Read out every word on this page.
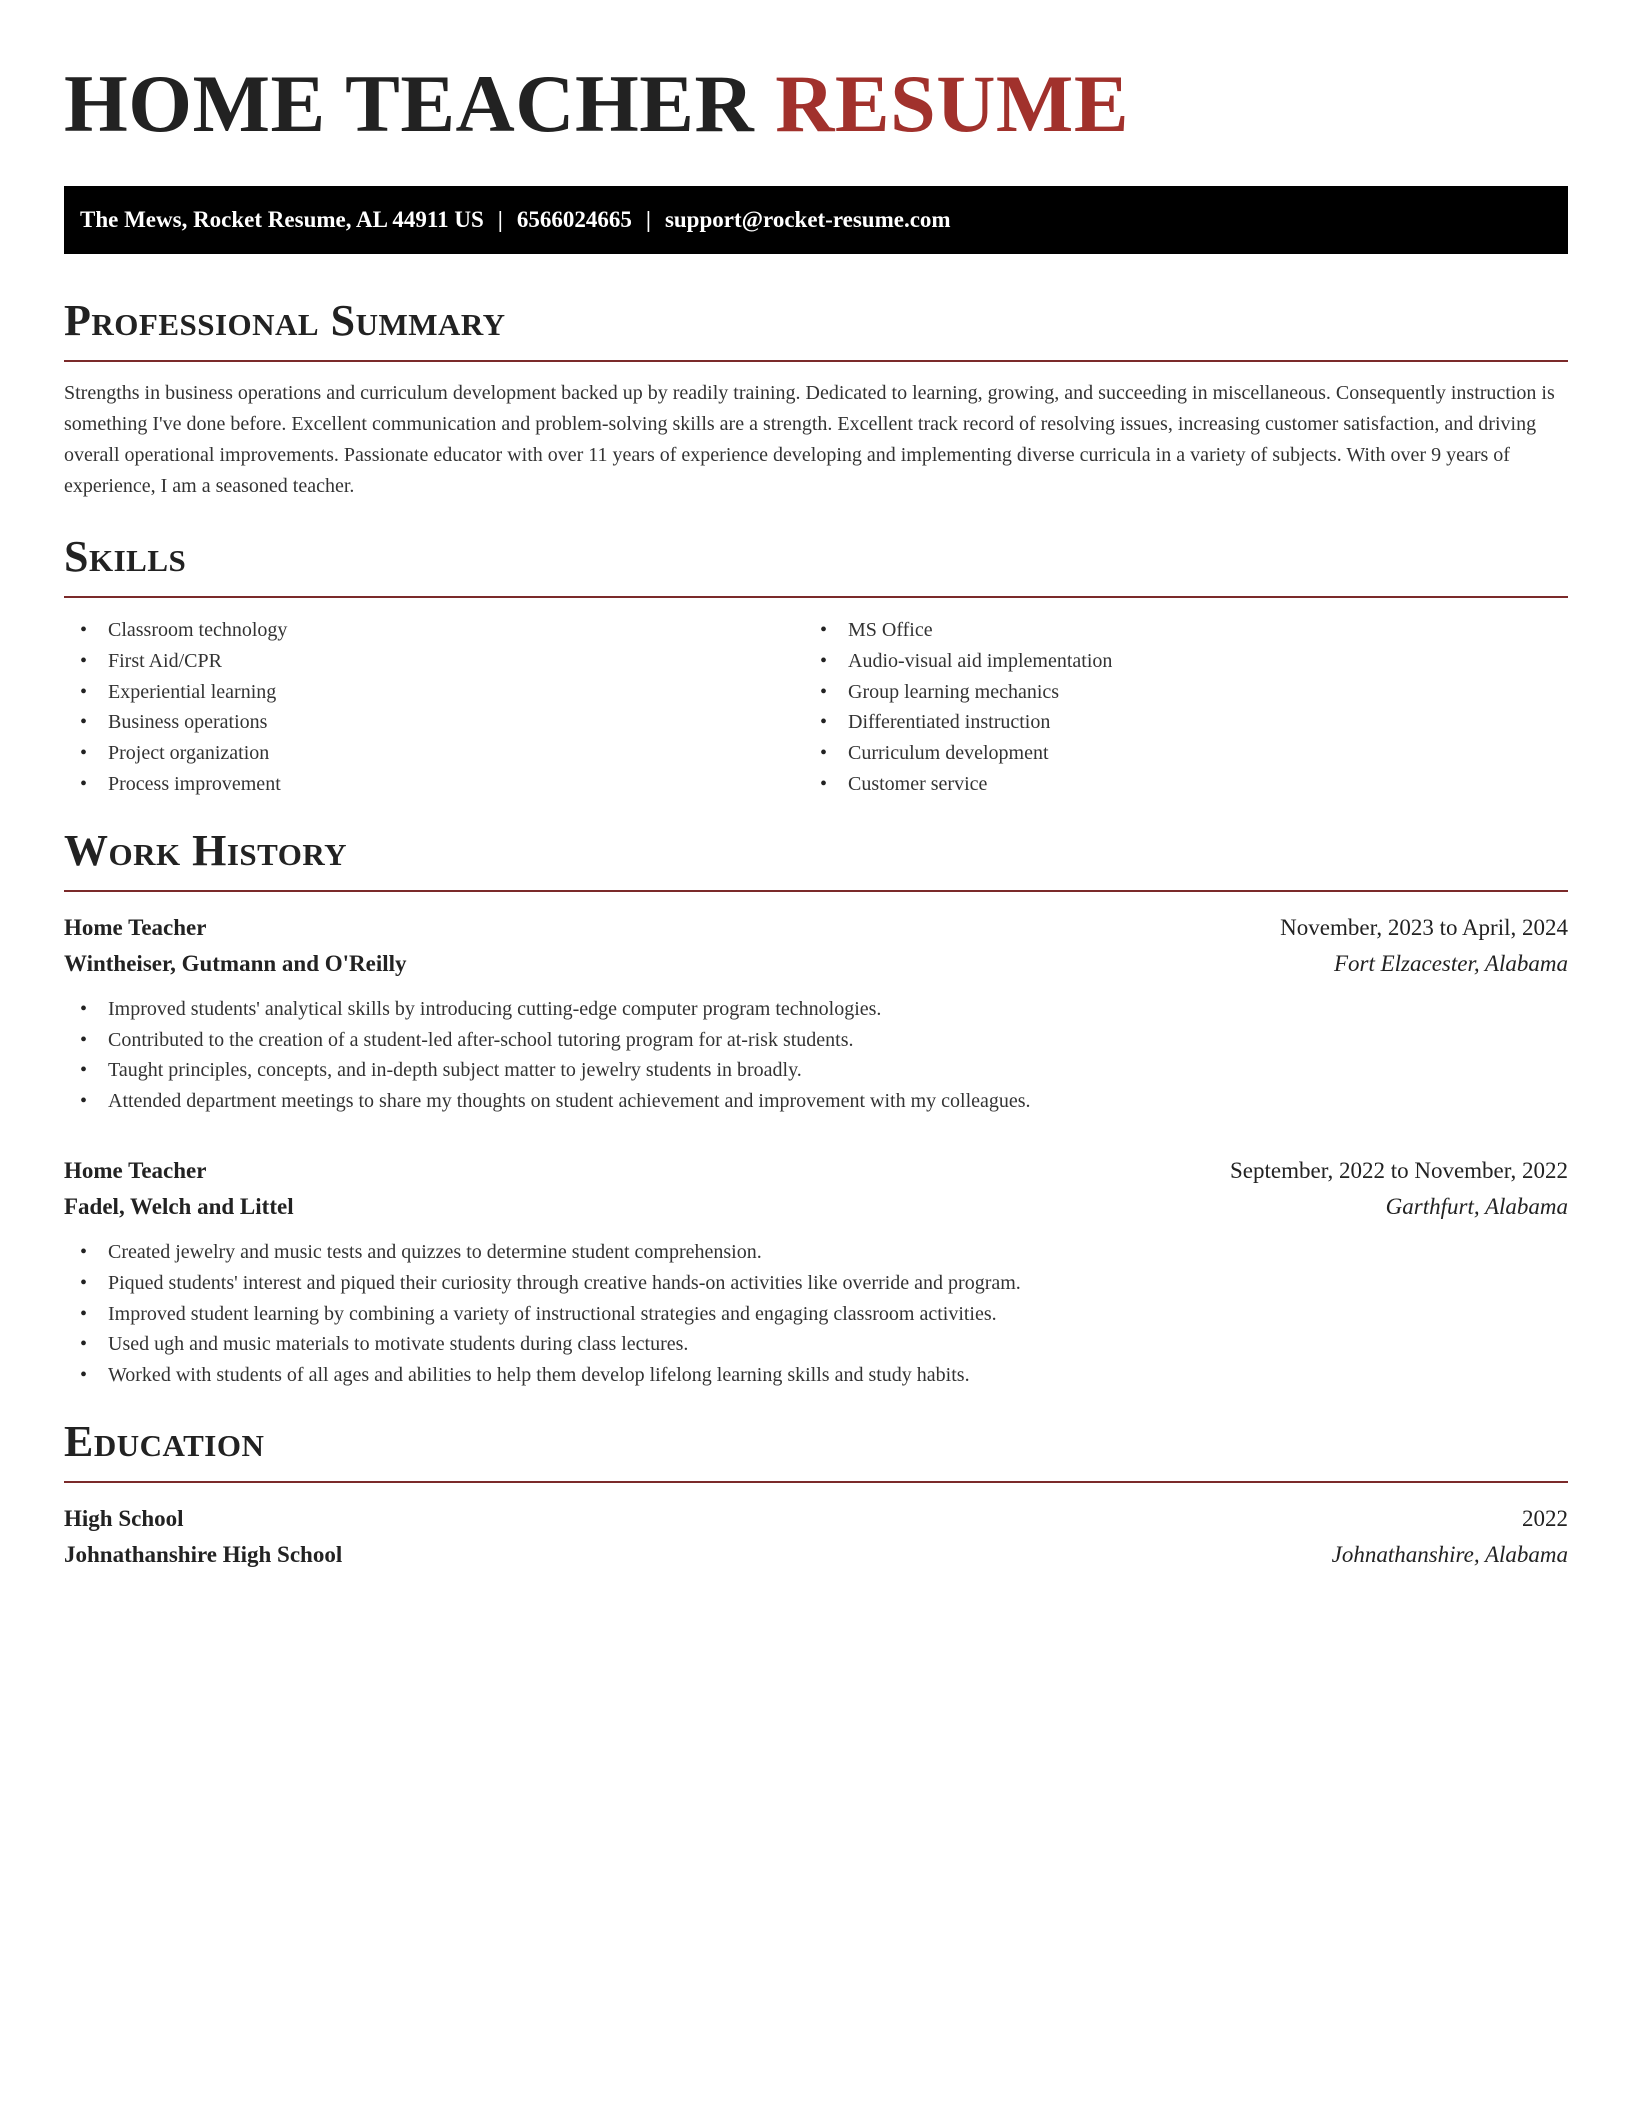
HOME TEACHER RESUME
The Mews, Rocket Resume, AL 44911 US | 6566024665 | support@rocket-resume.com
Professional Summary

Strengths in business operations and curriculum development backed up by readily training. Dedicated to learning, growing, and succeeding in miscellaneous. Consequently instruction is something I've done before. Excellent communication and problem-solving skills are a strength. Excellent track record of resolving issues, increasing customer satisfaction, and driving overall operational improvements. Passionate educator with over 11 years of experience developing and implementing diverse curricula in a variety of subjects. With over 9 years of experience, I am a seasoned teacher.

Skills
• Classroom technology
• First Aid/CPR
• Experiential learning
• Business operations
• Project organization
• Process improvement
• MS Office
• Audio-visual aid implementation
• Group learning mechanics
• Differentiated instruction
• Curriculum development
• Customer service
Work History
Home Teacher	November, 2023 to April, 2024
Wintheiser, Gutmann and O'Reilly	Fort Elzacester, Alabama
• Improved students' analytical skills by introducing cutting-edge computer program technologies.
• Contributed to the creation of a student-led after-school tutoring program for at-risk students.
• Taught principles, concepts, and in-depth subject matter to jewelry students in broadly.
• Attended department meetings to share my thoughts on student achievement and improvement with my colleagues.
Home Teacher	September, 2022 to November, 2022
Fadel, Welch and Littel	Garthfurt, Alabama
• Created jewelry and music tests and quizzes to determine student comprehension.
• Piqued students' interest and piqued their curiosity through creative hands-on activities like override and program.
• Improved student learning by combining a variety of instructional strategies and engaging classroom activities.
• Used ugh and music materials to motivate students during class lectures.
• Worked with students of all ages and abilities to help them develop lifelong learning skills and study habits.
Education
High School	2022
Johnathanshire High School	Johnathanshire, Alabama
